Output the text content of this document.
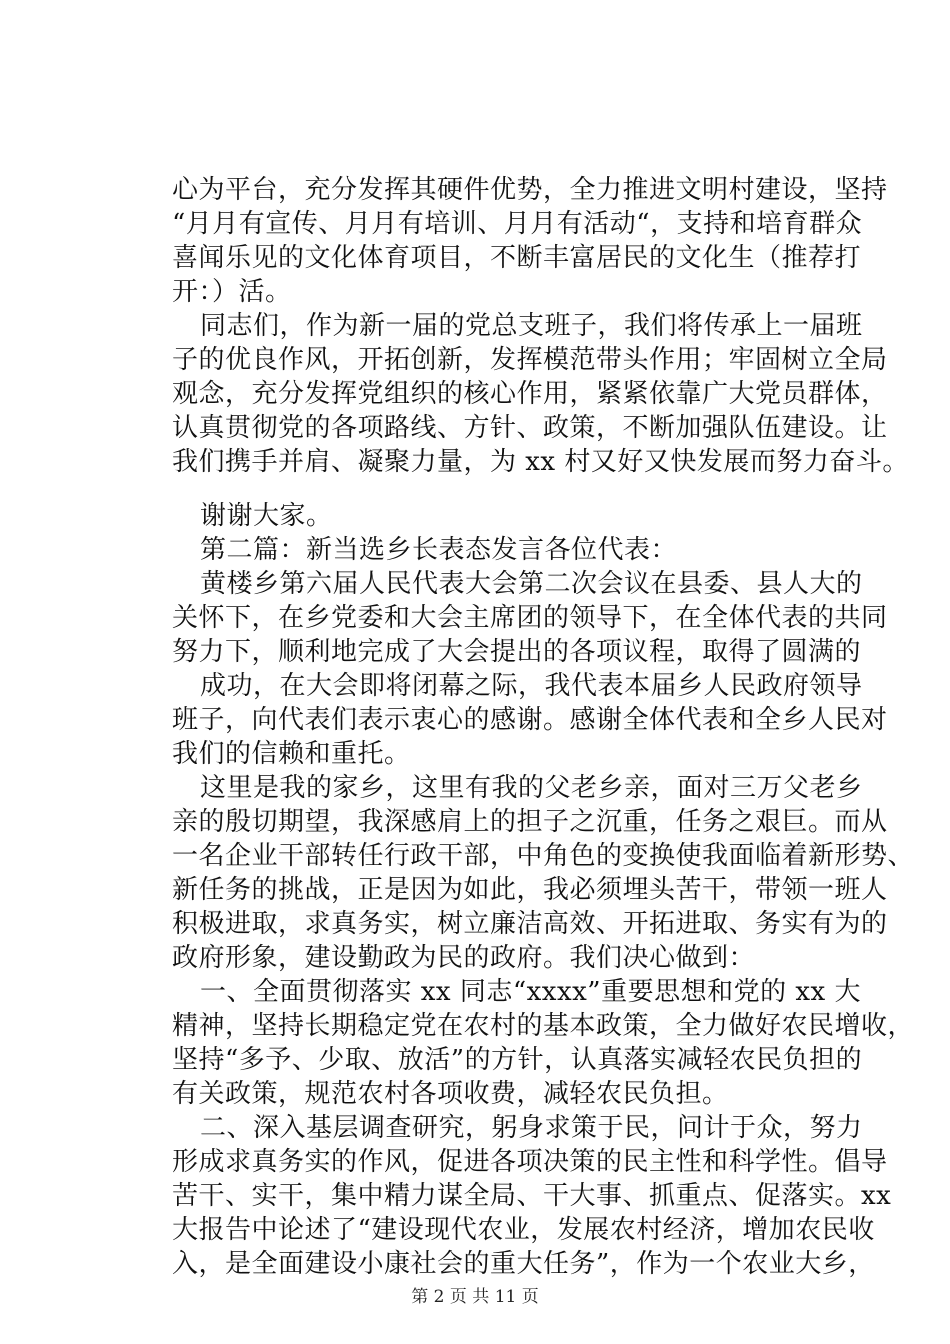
心为平台，充分发挥其硬件优势，全力推进文明村建设，坚持
“月月有宣传、月月有培训、月月有活动“，支持和培育群众
喜闻乐见的文化体育项目，不断丰富居民的文化生（推荐打
开：）活。
同志们，作为新一届的党总支班子，我们将传承上一届班
子的优良作风，开拓创新，发挥模范带头作用；牢固树立全局
观念，充分发挥党组织的核心作用，紧紧依靠广大党员群体，
认真贯彻党的各项路线、方针、政策，不断加强队伍建设。让
我们携手并肩、凝聚力量，为 xx 村又好又快发展而努力奋斗。
谢谢大家。
第二篇：新当选乡长表态发言各位代表：
黄楼乡第六届人民代表大会第二次会议在县委、县人大的
关怀下，在乡党委和大会主席团的领导下，在全体代表的共同
努力下，顺利地完成了大会提出的各项议程，取得了圆满的
成功，在大会即将闭幕之际，我代表本届乡人民政府领导
班子，向代表们表示衷心的感谢。感谢全体代表和全乡人民对
我们的信赖和重托。
这里是我的家乡，这里有我的父老乡亲，面对三万父老乡
亲的殷切期望，我深感肩上的担子之沉重，任务之艰巨。而从
一名企业干部转任行政干部，中角色的变换使我面临着新形势、
新任务的挑战，正是因为如此，我必须埋头苦干，带领一班人
积极进取，求真务实，树立廉洁高效、开拓进取、务实有为的
政府形象，建设勤政为民的政府。我们决心做到：
一、全面贯彻落实 xx 同志“xxxx”重要思想和党的 xx 大
精神，坚持长期稳定党在农村的基本政策，全力做好农民增收，
坚持“多予、少取、放活”的方针，认真落实减轻农民负担的
有关政策，规范农村各项收费，减轻农民负担。
二、深入基层调查研究，躬身求策于民，问计于众，努力
形成求真务实的作风，促进各项决策的民主性和科学性。倡导
苦干、实干，集中精力谋全局、干大事、抓重点、促落实。xx
大报告中论述了“建设现代农业，发展农村经济，增加农民收
入，是全面建设小康社会的重大任务”，作为一个农业大乡，
第 2 页 共 11 页
